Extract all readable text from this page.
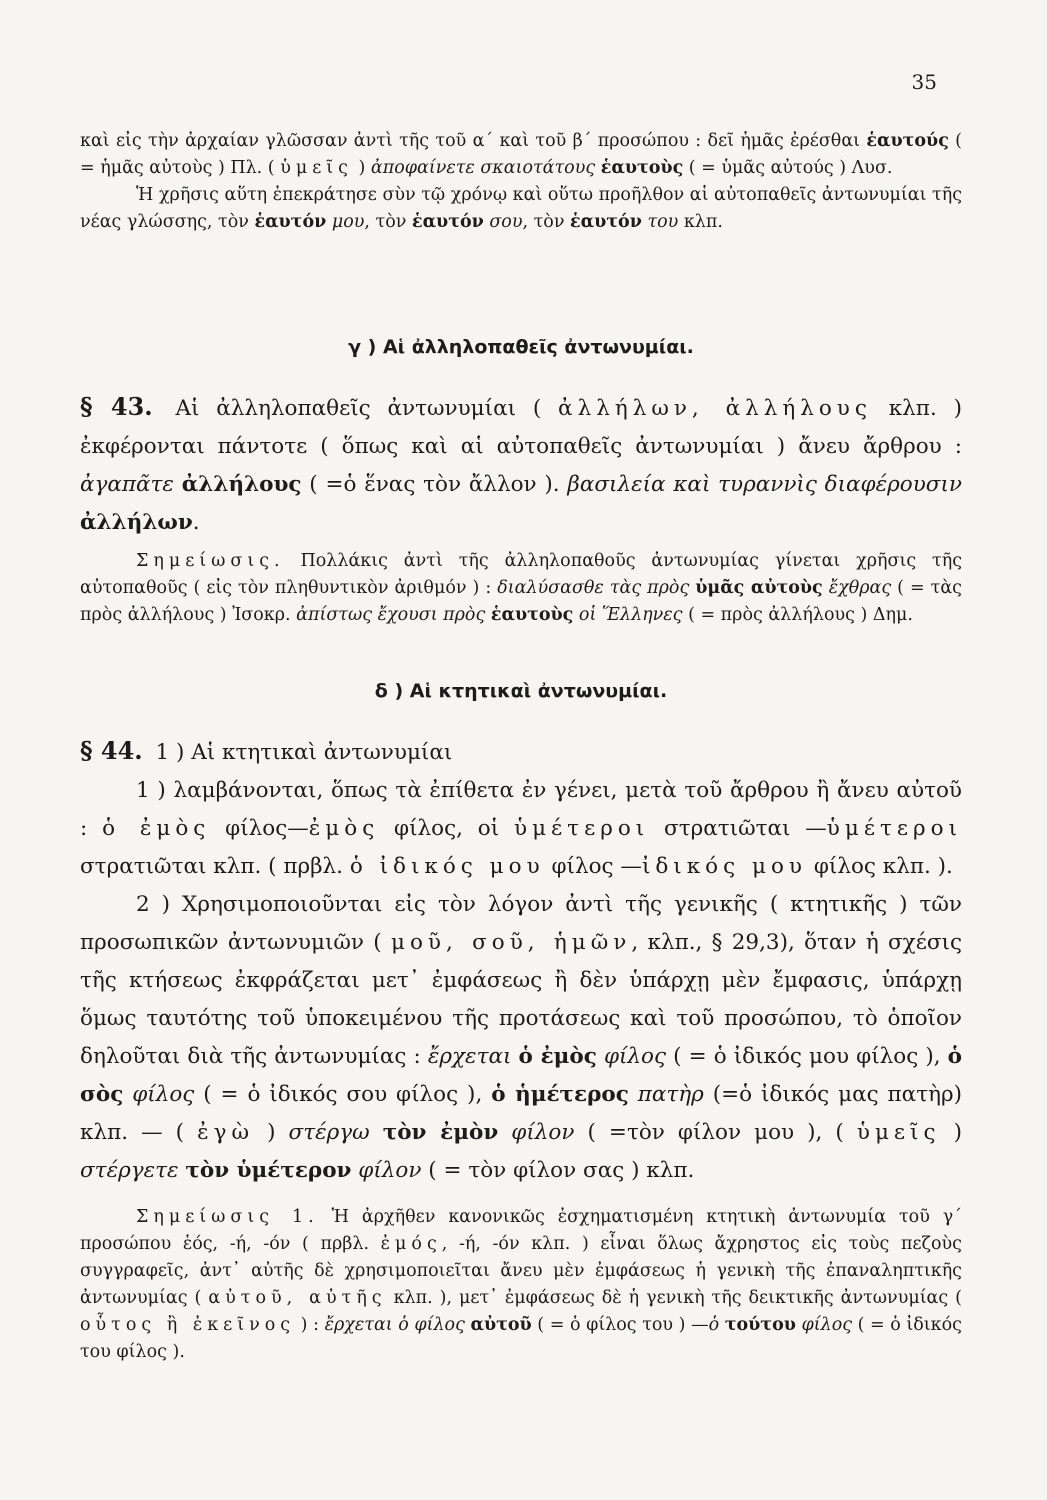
35

καὶ εἰς τὴν ἀρχαίαν γλῶσσαν ἀντὶ τῆς τοῦ α΄ καὶ τοῦ β΄ προσώπου : δεῖ ἡμᾶς ἐρέσθαι ἑαυτούς ( = ἡμᾶς αὐτοὺς ) Πλ. ( ὑμεῖς ) ἀποφαίνετε σκαιοτάτους ἑαυτοὺς ( = ὑμᾶς αὐτούς ) Λυσ.

Ἡ χρῆσις αὕτη ἐπεκράτησε σὺν τῷ χρόνῳ καὶ οὕτω προῆλθον αἱ αὐτοπαθεῖς ἀντωνυμίαι τῆς νέας γλώσσης, τὸν ἑαυτόν μου, τὸν ἑαυτόν σου, τὸν ἑαυτόν του κλπ.

γ ) Αἱ ἀλληλοπαθεῖς ἀντωνυμίαι.

§ 43. Αἱ ἀλληλοπαθεῖς ἀντωνυμίαι ( ἀλλήλων, ἀλλήλους κλπ. ) ἐκφέρονται πάντοτε ( ὅπως καὶ αἱ αὐτοπαθεῖς ἀντωνυμίαι ) ἄνευ ἄρθρου : ἀγαπᾶτε ἀλλήλους ( =ὁ ἕνας τὸν ἄλλον ). βασιλεία καὶ τυραννὶς διαφέρουσιν ἀλλήλων.

Σημείωσις. Πολλάκις ἀντὶ τῆς ἀλληλοπαθοῦς ἀντωνυμίας γίνεται χρῆσις τῆς αὐτοπαθοῦς ( εἰς τὸν πληθυντικὸν ἀριθμόν ) : διαλύσασθε τὰς πρὸς ὑμᾶς αὐτοὺς ἔχθρας ( = τὰς πρὸς ἀλλήλους ) Ἰσοκρ. ἀπίστως ἔχουσι πρὸς ἑαυτοὺς οἱ Ἕλληνες ( = πρὸς ἀλλήλους ) Δημ.

δ ) Αἱ κτητικαὶ ἀντωνυμίαι.

§ 44. 1 ) Αἱ κτητικαὶ ἀντωνυμίαι

1 ) λαμβάνονται, ὅπως τὰ ἐπίθετα ἐν γένει, μετὰ τοῦ ἄρθρου ἢ ἄνευ αὐτοῦ : ὁ ἐμὸς φίλος—ἐμὸς φίλος, οἱ ὑμέτεροι στρατιῶται —ὑμέτεροι στρατιῶται κλπ. ( πρβλ. ὁ ἰδικός μου φίλος —ἰδικός μου φίλος κλπ. ).

2 ) Χρησιμοποιοῦνται εἰς τὸν λόγον ἀντὶ τῆς γενικῆς ( κτητικῆς ) τῶν προσωπικῶν ἀντωνυμιῶν ( μοῦ, σοῦ, ἡμῶν, κλπ., § 29,3), ὅταν ἡ σχέσις τῆς κτήσεως ἐκφράζεται μετ᾽ ἐμφάσεως ἢ δὲν ὑπάρχῃ μὲν ἔμφασις, ὑπάρχῃ ὅμως ταυτότης τοῦ ὑποκειμένου τῆς προτάσεως καὶ τοῦ προσώπου, τὸ ὁποῖον δηλοῦται διὰ τῆς ἀντωνυμίας : ἔρχεται ὁ ἐμὸς φίλος ( = ὁ ἰδικός μου φίλος ), ὁ σὸς φίλος ( = ὁ ἰδικός σου φίλος ), ὁ ἡμέτερος πατὴρ (=ὁ ἰδικός μας πατὴρ) κλπ. — ( ἐγὼ ) στέργω τὸν ἐμὸν φίλον ( =τὸν φίλον μου ), ( ὑμεῖς ) στέργετε τὸν ὑμέτερον φίλον ( = τὸν φίλον σας ) κλπ.

Σημείωσις 1. Ἡ ἀρχῆθεν κανονικῶς ἐσχηματισμένη κτητικὴ ἀντωνυμία τοῦ γ΄ προσώπου ἑός, -ή, -όν ( πρβλ. ἐμός, -ή, -όν κλπ. ) εἶναι ὅλως ἄχρηστος εἰς τοὺς πεζοὺς συγγραφεῖς, ἀντ᾽ αὐτῆς δὲ χρησιμοποιεῖται ἄνευ μὲν ἐμφάσεως ἡ γενικὴ τῆς ἐπαναληπτικῆς ἀντωνυμίας ( αὐτοῦ, αὐτῆς κλπ. ), μετ᾽ ἐμφάσεως δὲ ἡ γενικὴ τῆς δεικτικῆς ἀντωνυμίας ( οὗτος ἢ ἐκεῖνος ) : ἔρχεται ὁ φίλος αὐτοῦ ( = ὁ φίλος του ) —ὁ τούτου φίλος ( = ὁ ἰδικός του φίλος ).
